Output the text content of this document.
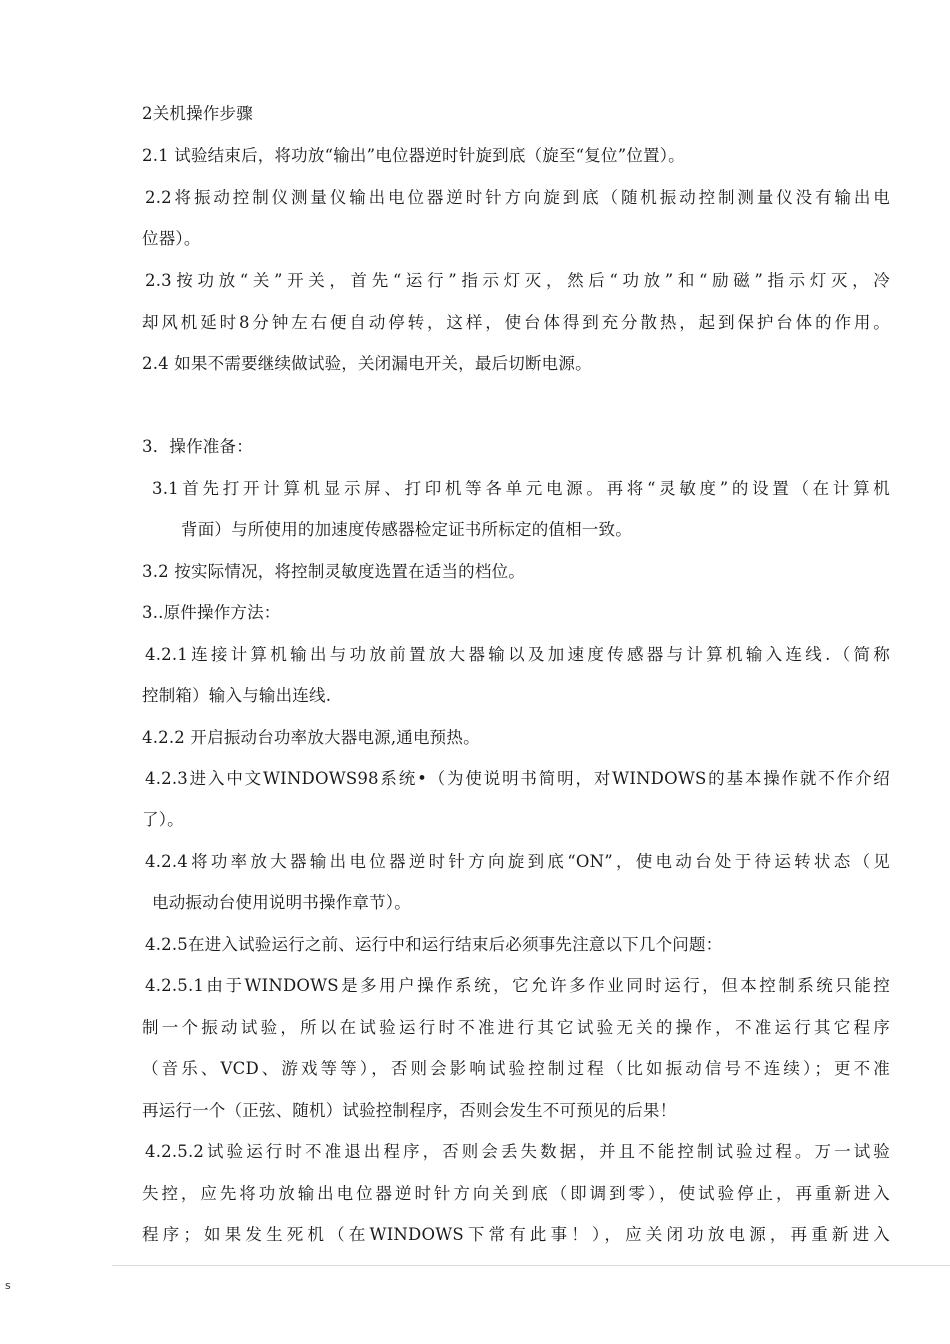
2关机操作步骤
2.1 试验结束后，将功放“输出”电位器逆时针旋到底（旋至“复位”位置）。
2.2将振动控制仪测量仪输出电位器逆时针方向旋到底（随机振动控制测量仪没有输出电
位器）。
2.3按功放“关”开关，首先“运行”指示灯灭，然后“功放”和“励磁”指示灯灭，冷
却风机延时8分钟左右便自动停转，这样，使台体得到充分散热，起到保护台体的作用。
2.4 如果不需要继续做试验，关闭漏电开关，最后切断电源。
3．操作准备：
3.1首先打开计算机显示屏、打印机等各单元电源。再将“灵敏度”的设置（在计算机
背面）与所使用的加速度传感器检定证书所标定的值相一致。
3.2 按实际情况，将控制灵敏度选置在适当的档位。
3..原件操作方法：
4.2.1连接计算机输出与功放前置放大器输以及加速度传感器与计算机输入连线.（简称
控制箱）输入与输出连线.
4.2.2 开启振动台功率放大器电源,通电预热。
4.2.3进入中文WINDOWS98系统•（为使说明书简明，对WINDOWS的基本操作就不作介绍
了）。
4.2.4将功率放大器输出电位器逆时针方向旋到底“ON”，使电动台处于待运转状态（见
电动振动台使用说明书操作章节）。
4.2.5在进入试验运行之前、运行中和运行结束后必须事先注意以下几个问题：
4.2.5.1由于WINDOWS是多用户操作系统，它允许多作业同时运行，但本控制系统只能控
制一个振动试验，所以在试验运行时不准进行其它试验无关的操作，不准运行其它程序
（音乐、VCD、游戏等等），否则会影响试验控制过程（比如振动信号不连续）；更不准
再运行一个（正弦、随机）试验控制程序，否则会发生不可预见的后果！
4.2.5.2试验运行时不准退出程序，否则会丢失数据，并且不能控制试验过程。万一试验
失控，应先将功放输出电位器逆时针方向关到底（即调到零），使试验停止，再重新进入
程序；如果发生死机（在WINDOWS下常有此事！），应关闭功放电源，再重新进入
s
